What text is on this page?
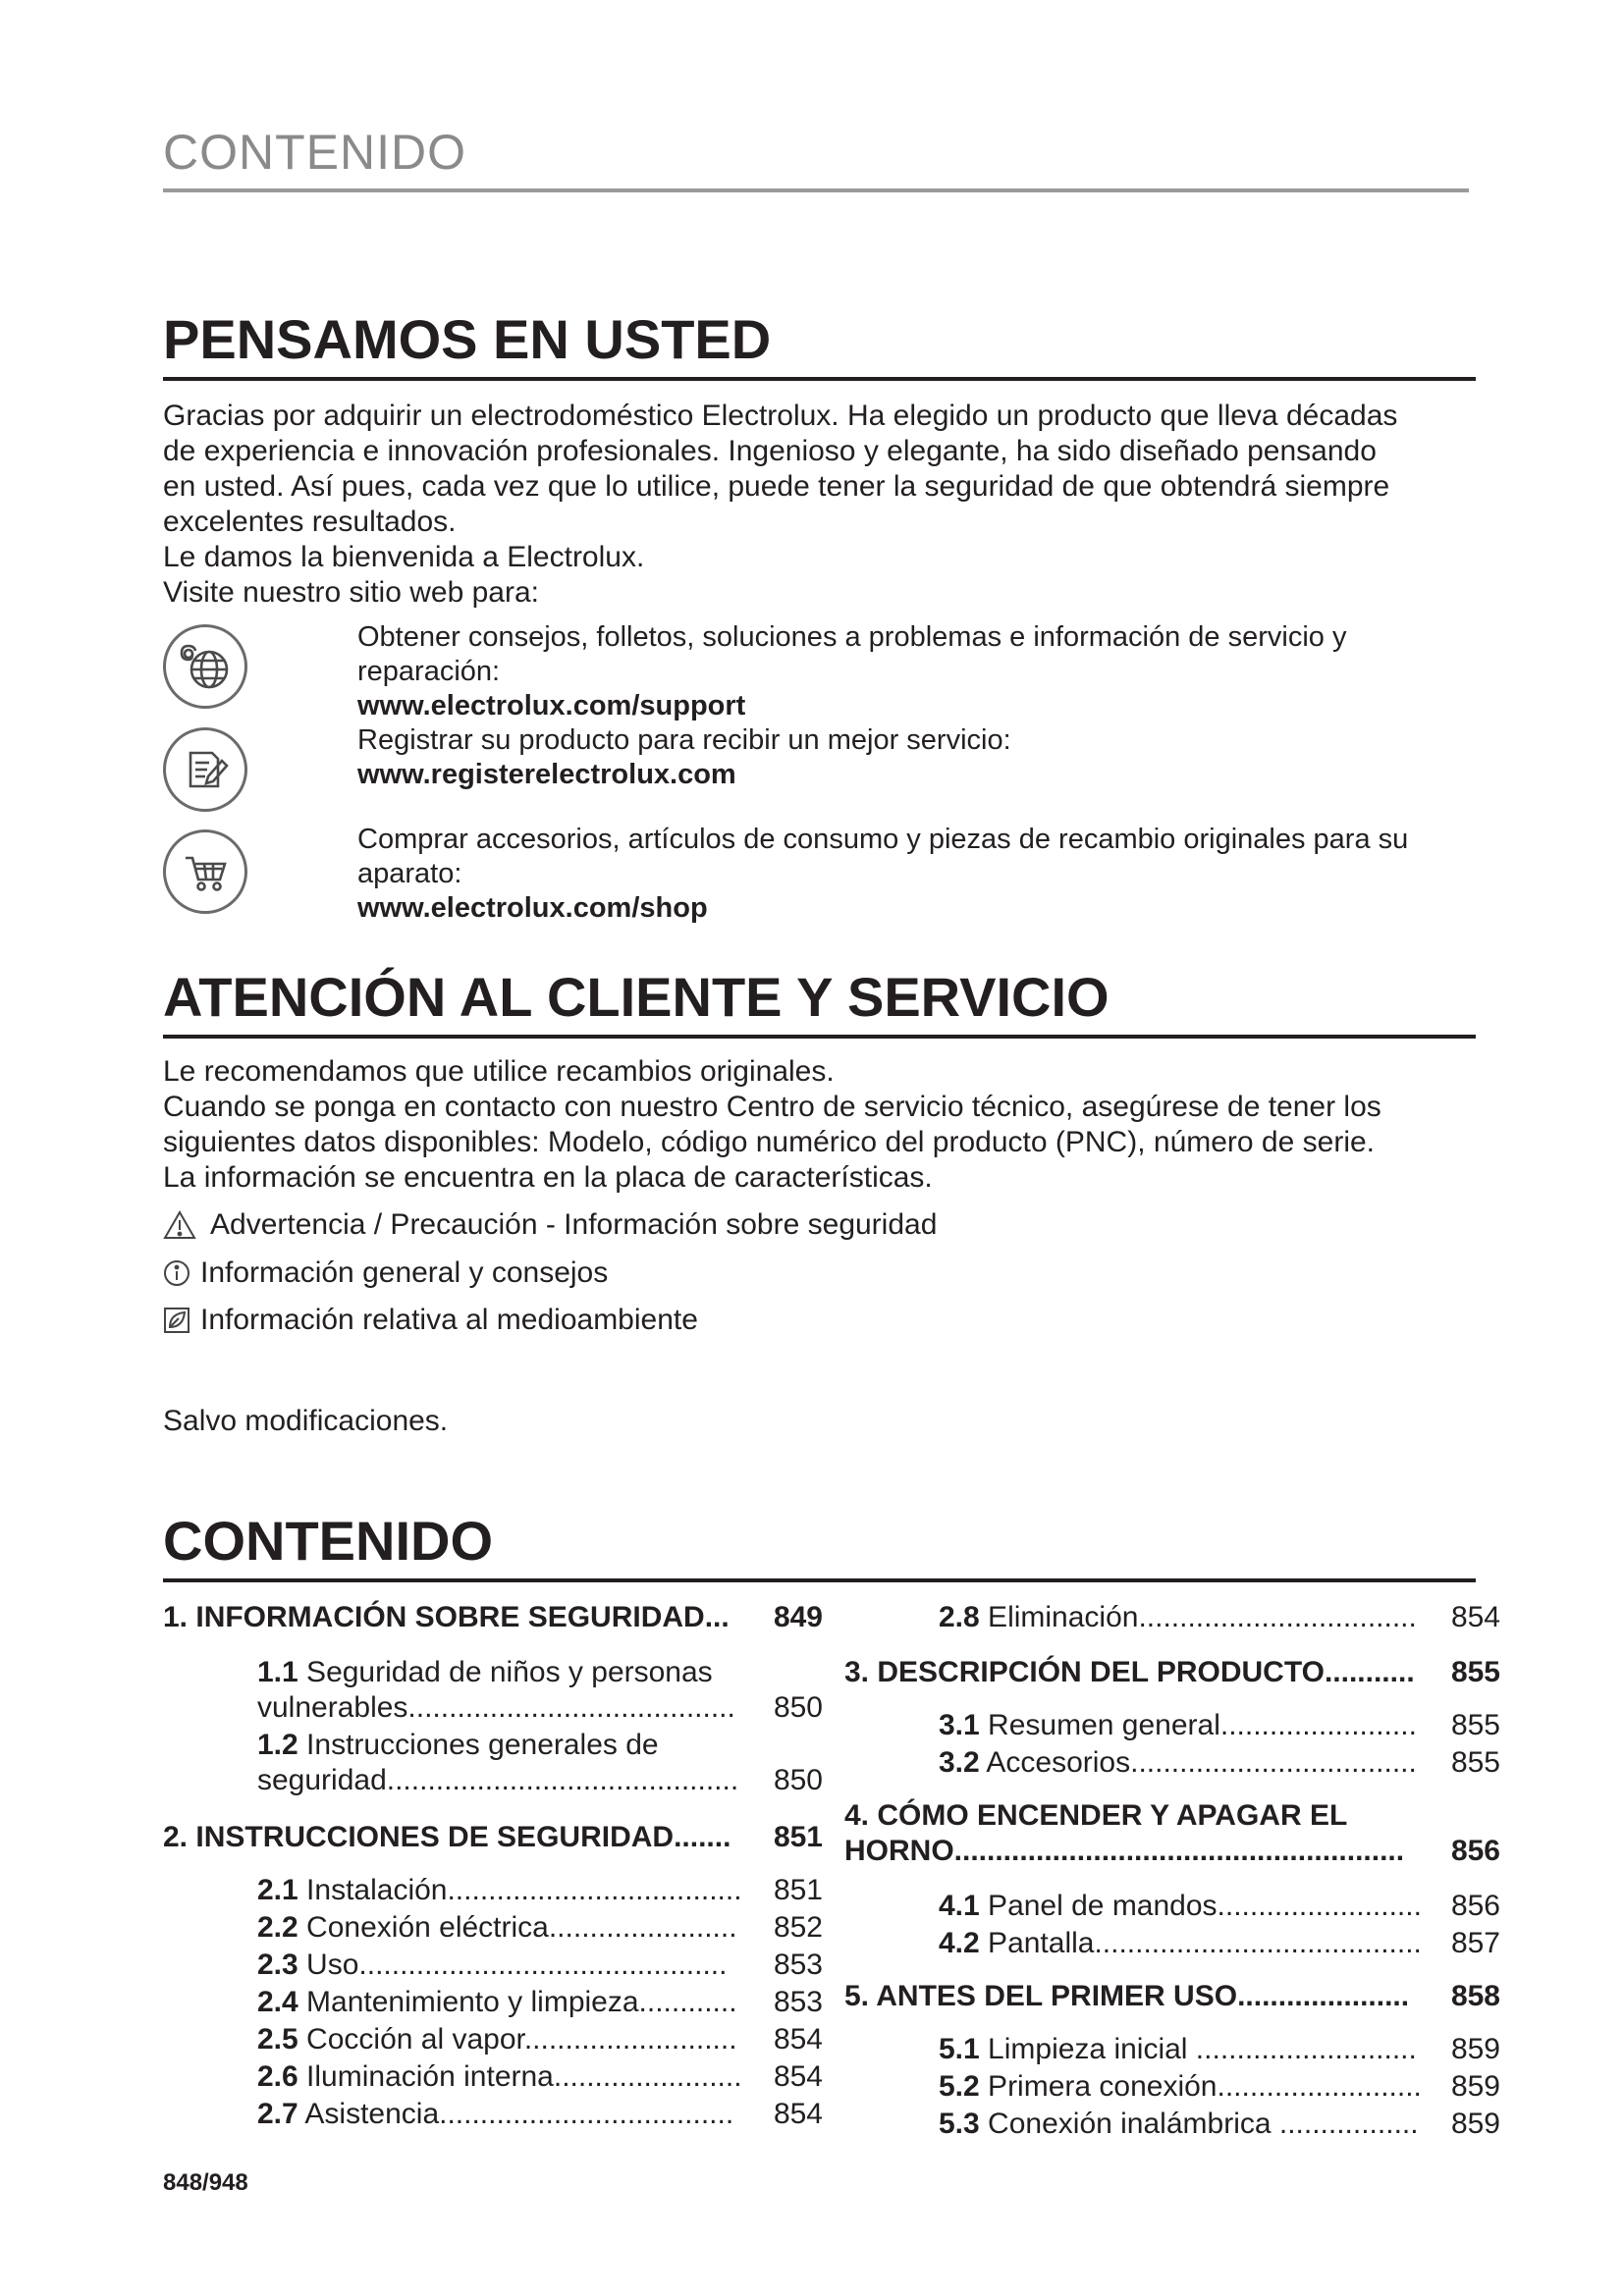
CONTENIDO
PENSAMOS EN USTED
Gracias por adquirir un electrodoméstico Electrolux. Ha elegido un producto que lleva décadas
de experiencia e innovación profesionales. Ingenioso y elegante, ha sido diseñado pensando
en usted. Así pues, cada vez que lo utilice, puede tener la seguridad de que obtendrá siempre
excelentes resultados.
Le damos la bienvenida a Electrolux.
Visite nuestro sitio web para:
Obtener consejos, folletos, soluciones a problemas e información de servicio y
reparación:
www.electrolux.com/support
Registrar su producto para recibir un mejor servicio:
www.registerelectrolux.com
Comprar accesorios, artículos de consumo y piezas de recambio originales para su
aparato:
www.electrolux.com/shop
ATENCIÓN AL CLIENTE Y SERVICIO
Le recomendamos que utilice recambios originales.
Cuando se ponga en contacto con nuestro Centro de servicio técnico, asegúrese de tener los
siguientes datos disponibles: Modelo, código numérico del producto (PNC), número de serie.
La información se encuentra en la placa de características.
Advertencia / Precaución - Información sobre seguridad
Información general y consejos
Información relativa al medioambiente
Salvo modificaciones.
CONTENIDO
1. INFORMACIÓN SOBRE SEGURIDAD... 849
1.1 Seguridad de niños y personas
vulnerables........................................ 850
1.2 Instrucciones generales de
seguridad........................................... 850
2. INSTRUCCIONES DE SEGURIDAD....... 851
2.1 Instalación.................................... 851
2.2 Conexión eléctrica....................... 852
2.3 Uso............................................. 853
2.4 Mantenimiento y limpieza............ 853
2.5 Cocción al vapor.......................... 854
2.6 Iluminación interna....................... 854
2.7 Asistencia.................................... 854
2.8 Eliminación.................................. 854
3. DESCRIPCIÓN DEL PRODUCTO........... 855
3.1 Resumen general........................ 855
3.2 Accesorios................................... 855
4. CÓMO ENCENDER Y APAGAR EL
HORNO....................................................... 856
4.1 Panel de mandos......................... 856
4.2 Pantalla........................................ 857
5. ANTES DEL PRIMER USO..................... 858
5.1 Limpieza inicial ........................... 859
5.2 Primera conexión......................... 859
5.3 Conexión inalámbrica ................. 859
848/948
